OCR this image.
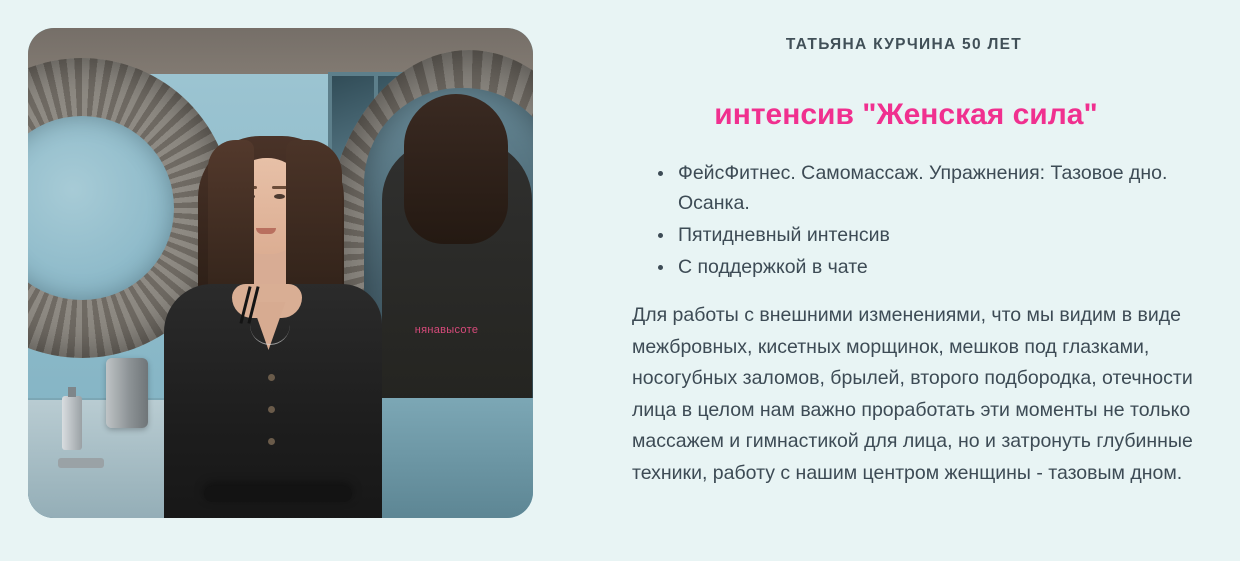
нянавысоте
ТАТЬЯНА КУРЧИНА 50 ЛЕТ
интенсив "Женская сила"
ФейсФитнес. Самомассаж. Упражнения: Тазовое дно. Осанка.
Пятидневный интенсив
С поддержкой в чате

Для работы с внешними изменениями, что мы видим в виде межбровных, кисетных морщинок, мешков под глазками, носогубных заломов, брылей, второго подбородка, отечности лица в целом нам важно проработать эти моменты не только массажем и гимнастикой для лица, но и затронуть глубинные техники, работу с нашим центром женщины - тазовым дном.
